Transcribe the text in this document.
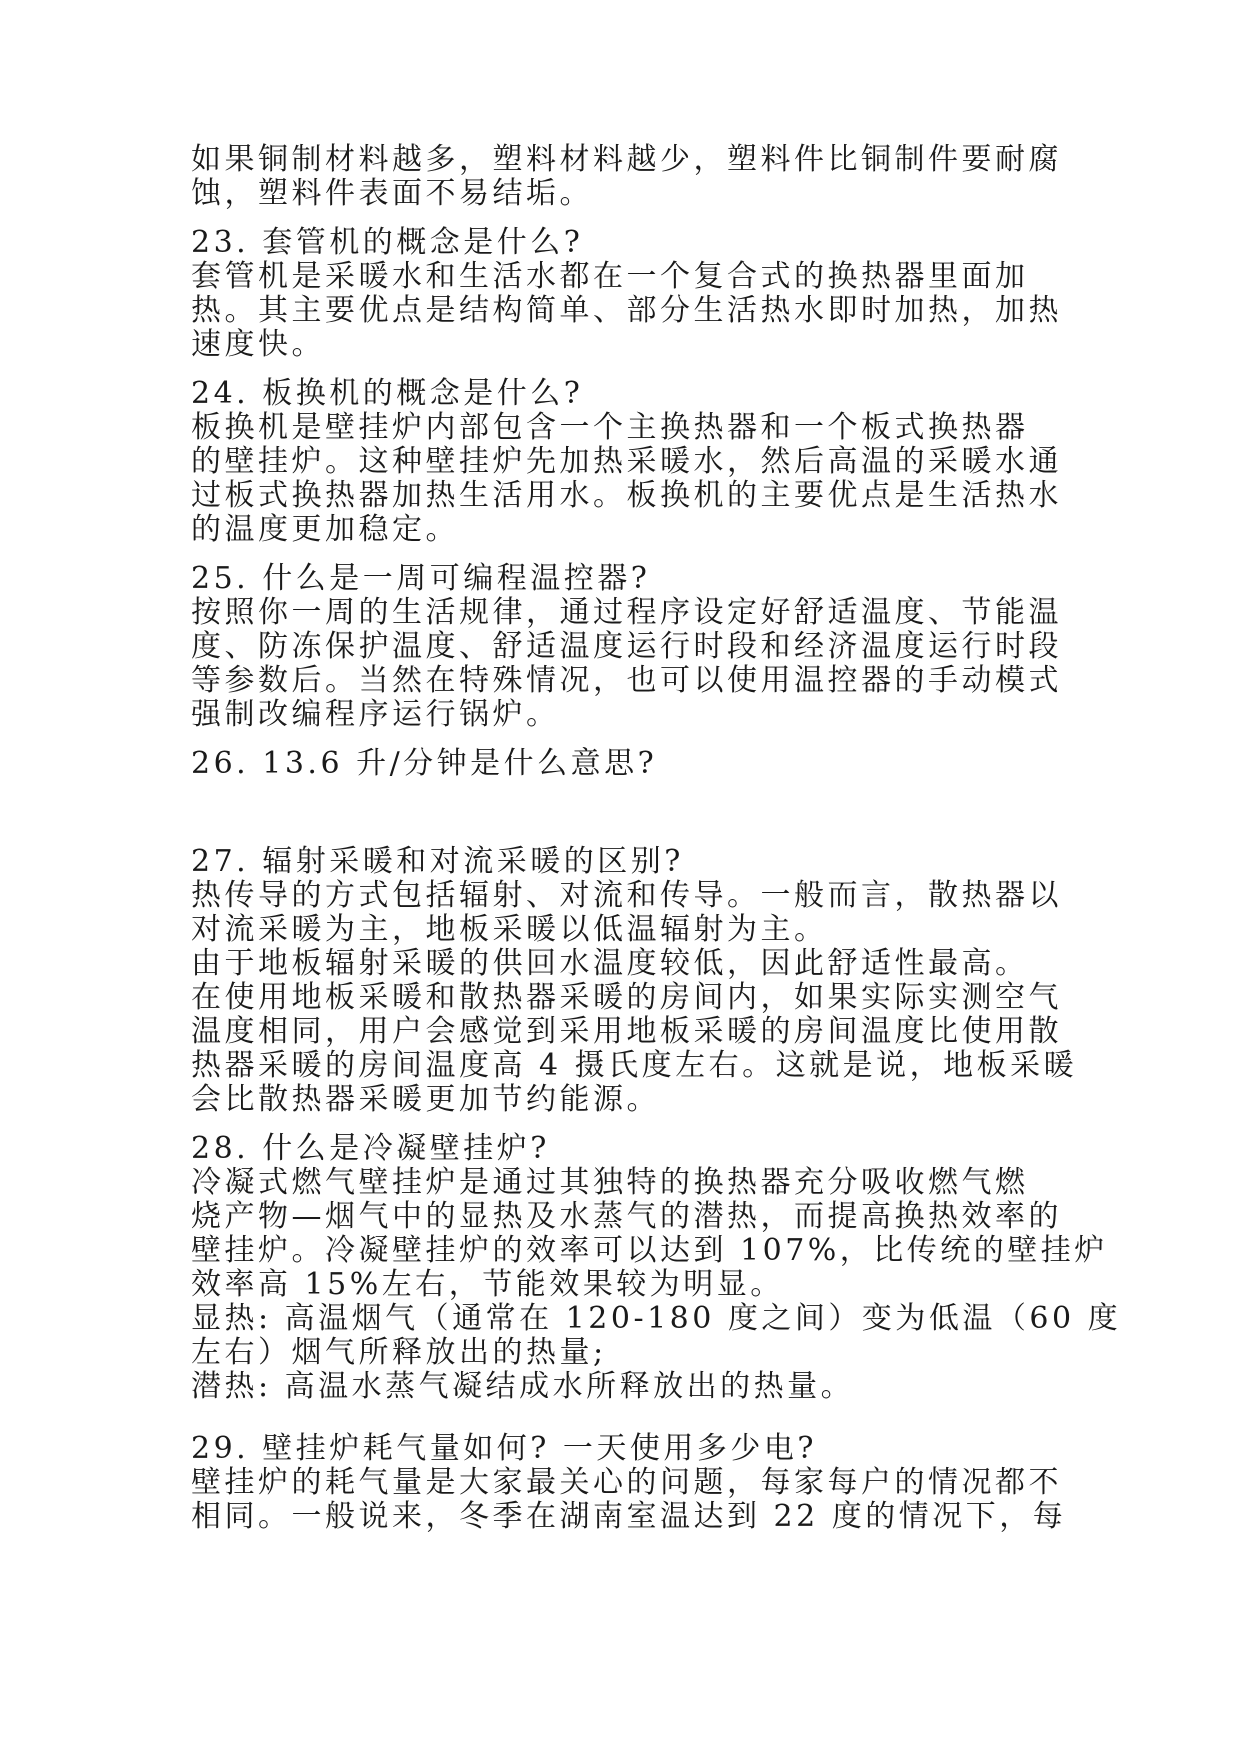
如果铜制材料越多，塑料材料越少，塑料件比铜制件要耐腐
蚀，塑料件表面不易结垢。
23. 套管机的概念是什么?
套管机是采暖水和生活水都在一个复合式的换热器里面加
热。其主要优点是结构简单、部分生活热水即时加热，加热
速度快。
24. 板换机的概念是什么?
板换机是壁挂炉内部包含一个主换热器和一个板式换热器
的壁挂炉。这种壁挂炉先加热采暖水，然后高温的采暖水通
过板式换热器加热生活用水。板换机的主要优点是生活热水
的温度更加稳定。
25. 什么是一周可编程温控器?
按照你一周的生活规律，通过程序设定好舒适温度、节能温
度、防冻保护温度、舒适温度运行时段和经济温度运行时段
等参数后。当然在特殊情况，也可以使用温控器的手动模式
强制改编程序运行锅炉。
26. 13.6 升/分钟是什么意思?
27. 辐射采暖和对流采暖的区别?
热传导的方式包括辐射、对流和传导。一般而言，散热器以
对流采暖为主，地板采暖以低温辐射为主。
由于地板辐射采暖的供回水温度较低，因此舒适性最高。
在使用地板采暖和散热器采暖的房间内，如果实际实测空气
温度相同，用户会感觉到采用地板采暖的房间温度比使用散
热器采暖的房间温度高 4 摄氏度左右。这就是说，地板采暖
会比散热器采暖更加节约能源。
28. 什么是冷凝壁挂炉?
冷凝式燃气壁挂炉是通过其独特的换热器充分吸收燃气燃
烧产物—烟气中的显热及水蒸气的潜热，而提高换热效率的
壁挂炉。冷凝壁挂炉的效率可以达到 107%，比传统的壁挂炉
效率高 15%左右，节能效果较为明显。
显热: 高温烟气（通常在 120-180 度之间）变为低温（60 度
左右）烟气所释放出的热量;
潜热: 高温水蒸气凝结成水所释放出的热量。
29. 壁挂炉耗气量如何? 一天使用多少电?
壁挂炉的耗气量是大家最关心的问题，每家每户的情况都不
相同。一般说来，冬季在湖南室温达到 22 度的情况下，每
